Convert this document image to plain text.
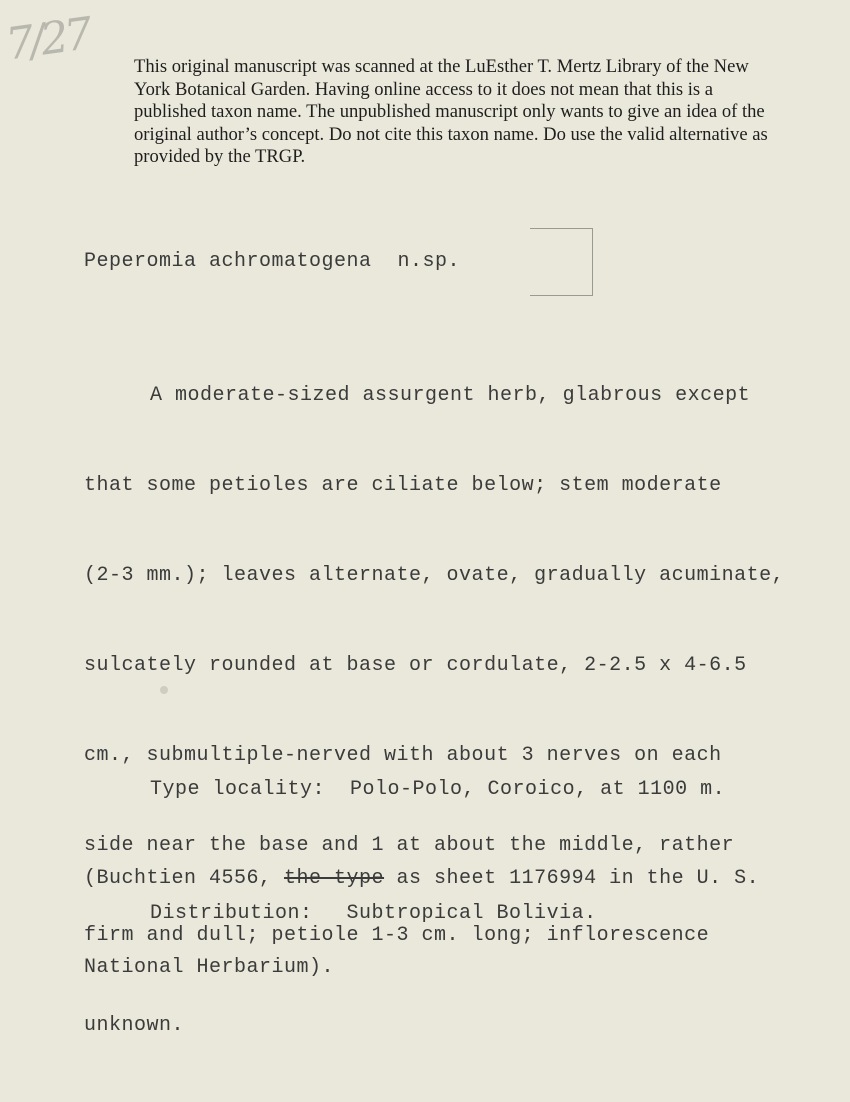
7/27 This original manuscript was scanned at the LuEsther T. Mertz Library of the New York Botanical Garden. Having online access to it does not mean that this is a published taxon name. The unpublished manuscript only wants to give an idea of the original author’s concept. Do not cite this taxon name. Do use the valid alternative as provided by the TRGP.
Peperomia achromatogena n.sp.

A moderate-sized assurgent herb, glabrous except

that some petioles are ciliate below; stem moderate

(2-3 mm.); leaves alternate, ovate, gradually acuminate,

sulcately rounded at base or cordulate, 2-2.5 x 4-6.5

cm., submultiple-nerved with about 3 nerves on each

side near the base and 1 at about the middle, rather

firm and dull; petiole 1-3 cm. long; inflorescence

unknown.

Type locality:  Polo-Polo, Coroico, at 1100 m.

(Buchtien 4556, the type as sheet 1176994 in the U. S.

National Herbarium).

Distribution: Subtropical Bolivia.
